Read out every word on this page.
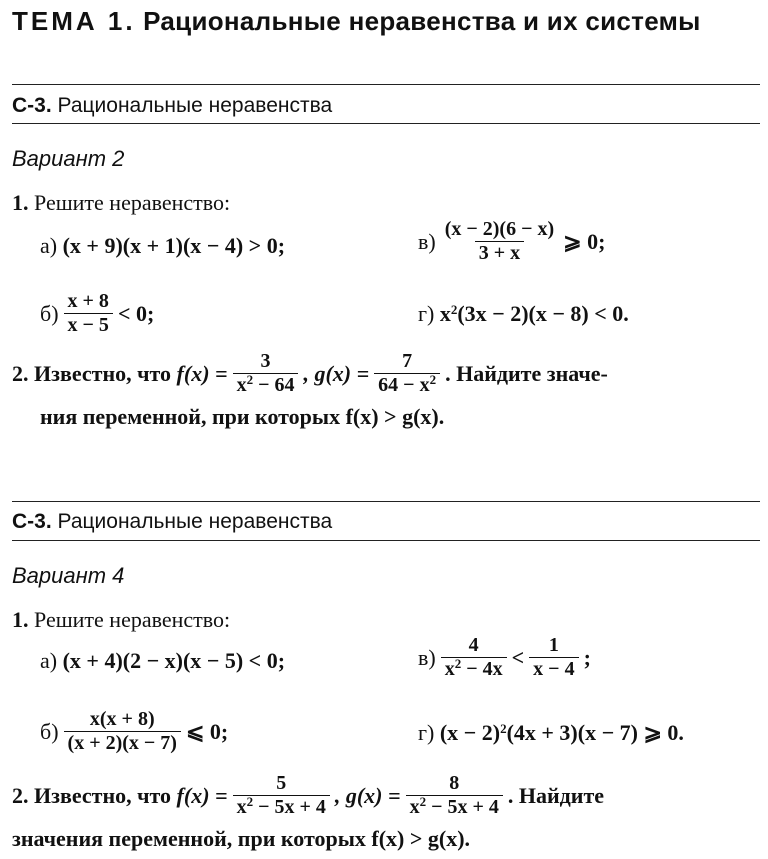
ТЕМА 1. Рациональные неравенства и их системы
С-3. Рациональные неравенства
Вариант 2
1. Решите неравенство:
а) (x + 9)(x + 1)(x − 4) > 0;	$в) \frac{(x - 2)(6 - x)}{3 + x}$ ⩾ 0;
$б) \frac{x + 8}{x - 5} < 0$;	г) $x^2(3x - 2)(x - 8) < 0$.
2.
Известно, что
$f(x) = \frac{3}{x^2 - 64}$ , $g(x) = \frac{7}{64 - x^2}$ . Найдите значе-
ния переменной, при которых f(x) > g(x).
С-3. Рациональные неравенства
Вариант 4
1. Решите неравенство:
а) (x + 4)(2 − x)(x − 5) < 0;	$в) \frac{4}{x^2 - 4x} < \frac{1}{x - 4}$ ;
$б) \frac{x(x + 8)}{(x + 2)(x - 7)}$ ⩽ 0;	г) $(x - 2)^2(4x + 3)(x - 7)$ ⩾ 0.
2.
Известно, что
$f(x) = \frac{5}{x^2 - 5x + 4}$ , $g(x) = \frac{8}{x^2 - 5x + 4}$ . Найдите
значения переменной, при которых f(x) > g(x).
